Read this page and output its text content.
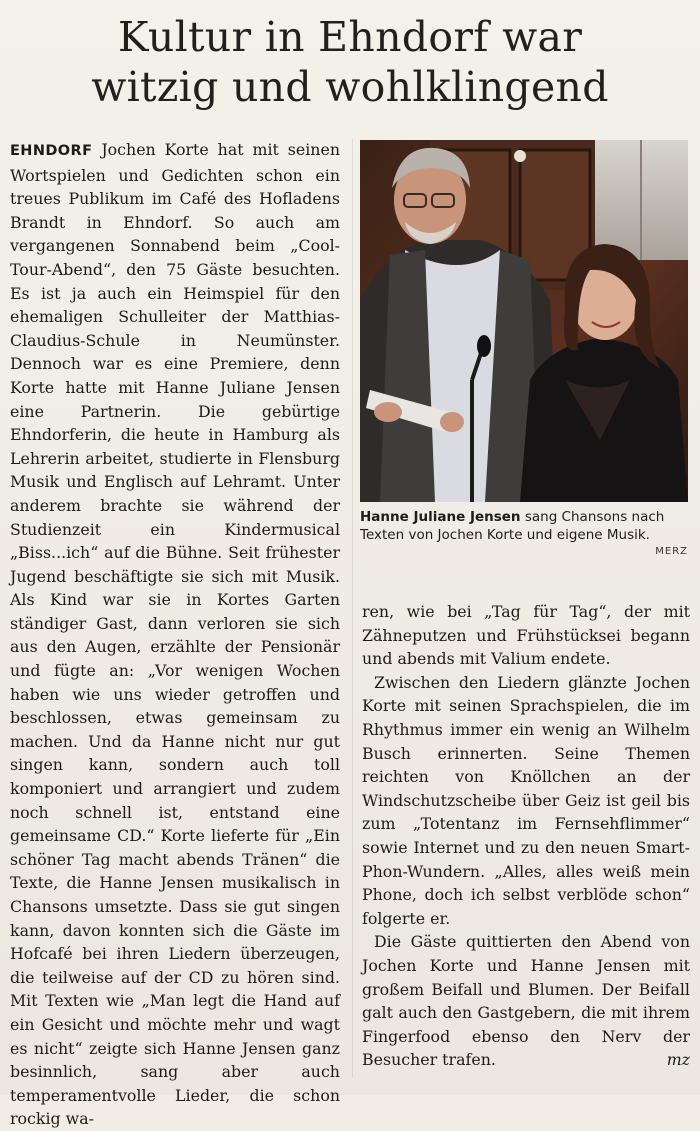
Kultur in Ehndorf war
witzig und wohlklingend

EHNDORF Jochen Korte hat mit seinen Wortspielen und Gedichten schon ein treues Publikum im Café des Hofladens Brandt in Ehndorf. So auch am vergangenen Sonnabend beim „Cool-Tour-Abend“, den 75 Gäste besuchten. Es ist ja auch ein Heimspiel für den ehemaligen Schulleiter der Matthias-Claudius-Schule in Neumünster. Dennoch war es eine Premiere, denn Korte hatte mit Hanne Juliane Jensen eine Partnerin. Die gebürtige Ehndorferin, die heute in Hamburg als Lehrerin arbeitet, studierte in Flensburg Musik und Englisch auf Lehramt. Unter anderem brachte sie während der Studienzeit ein Kindermusical „Biss...ich“ auf die Bühne. Seit frühester Jugend beschäftigte sie sich mit Musik. Als Kind war sie in Kortes Garten ständiger Gast, dann verloren sie sich aus den Augen, erzählte der Pensionär und fügte an: „Vor wenigen Wochen haben wie uns wieder getroffen und beschlossen, etwas gemeinsam zu machen. Und da Hanne nicht nur gut singen kann, sondern auch toll komponiert und arrangiert und zudem noch schnell ist, entstand eine gemeinsame CD.“ Korte lieferte für „Ein schöner Tag macht abends Tränen“ die Texte, die Hanne Jensen musikalisch in Chansons umsetzte. Dass sie gut singen kann, davon konnten sich die Gäste im Hofcafé bei ihren Liedern überzeugen, die teilweise auf der CD zu hören sind. Mit Texten wie „Man legt die Hand auf ein Gesicht und möchte mehr und wagt es nicht“ zeigte sich Hanne Jensen ganz besinnlich, sang aber auch temperamentvolle Lieder, die schon rockig wa-

Hanne Juliane Jensen sang Chansons nach Texten von Jochen Korte und eigene Musik.
MERZ

ren, wie bei „Tag für Tag“, der mit Zähneputzen und Frühstücksei begann und abends mit Valium endete.

Zwischen den Liedern glänzte Jochen Korte mit seinen Sprachspielen, die im Rhythmus immer ein wenig an Wilhelm Busch erinnerten. Seine Themen reichten von Knöllchen an der Windschutzscheibe über Geiz ist geil bis zum „Totentanz im Fernsehflimmer“ sowie Internet und zu den neuen Smart-Phon-Wundern. „Alles, alles weiß mein Phone, doch ich selbst verblöde schon“ folgerte er.

Die Gäste quittierten den Abend von Jochen Korte und Hanne Jensen mit großem Beifall und Blumen. Der Beifall galt auch den Gastgebern, die mit ihrem Fingerfood ebenso den Nerv der Besucher trafen.	mz
